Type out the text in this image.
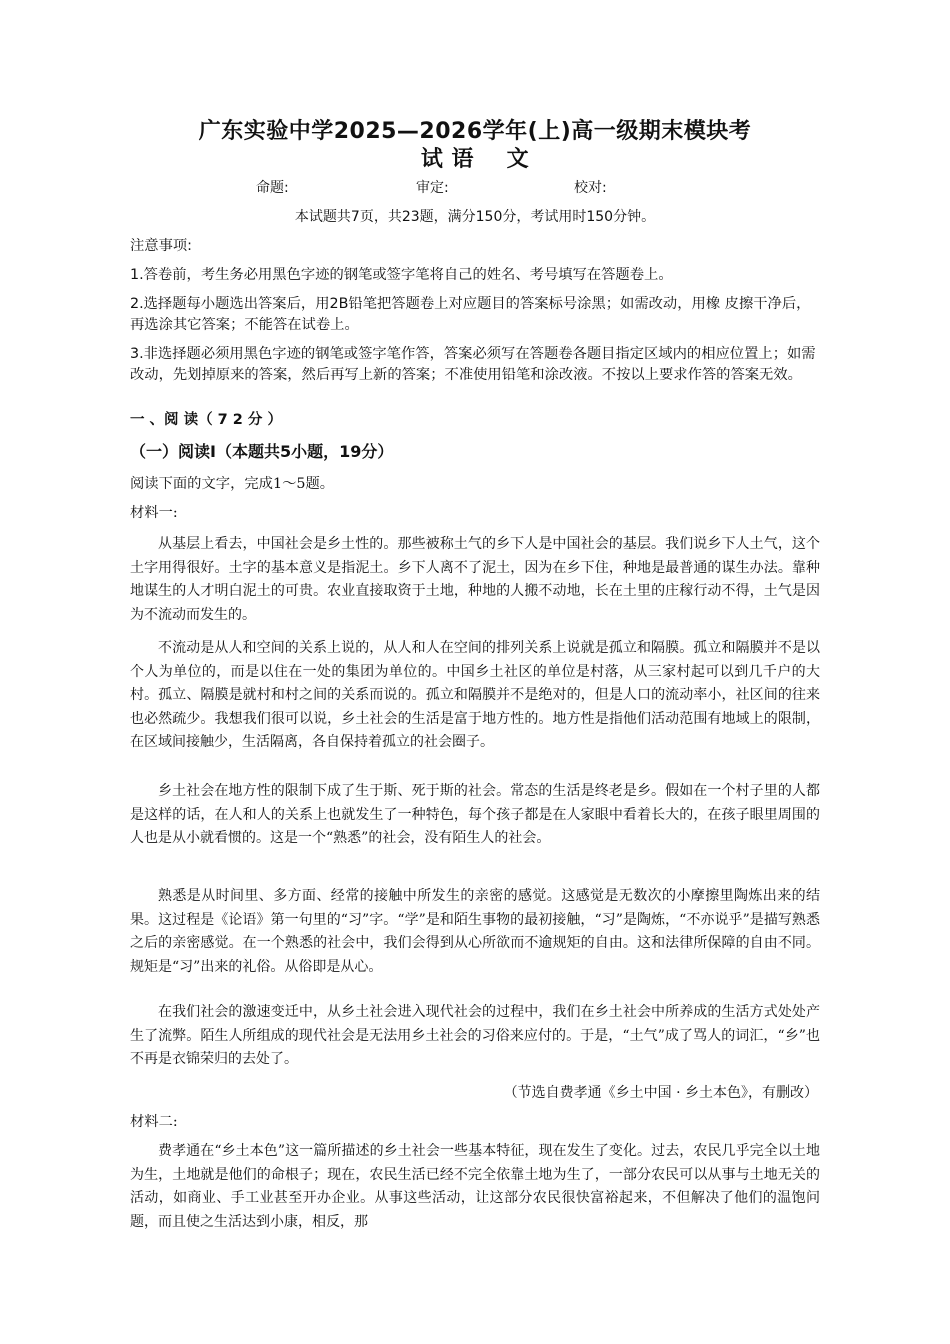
广东实验中学2025—2026学年(上)高一级期末模块考
试 语    文
命题:	审定:	校对:
本试题共7页，共23题，满分150分，考试用时150分钟。
注意事项:
1.答卷前，考生务必用黑色字迹的钢笔或签字笔将自己的姓名、考号填写在答题卷上。
2.选择题每小题选出答案后，用2B铅笔把答题卷上对应题目的答案标号涂黑；如需改动，用橡 皮擦干净后，再选涂其它答案；不能答在试卷上。
3.非选择题必须用黑色字迹的钢笔或签字笔作答，答案必须写在答题卷各题目指定区域内的相应位置上；如需改动，先划掉原来的答案，然后再写上新的答案；不准使用铅笔和涂改液。不按以上要求作答的答案无效。
一 、阅 读（ 7 2 分 ）
（一）阅读Ⅰ（本题共5小题，19分）
阅读下面的文字，完成1～5题。
材料一:
从基层上看去，中国社会是乡土性的。那些被称土气的乡下人是中国社会的基层。我们说乡下人土气，这个土字用得很好。土字的基本意义是指泥土。乡下人离不了泥土，因为在乡下住，种地是最普通的谋生办法。靠种地谋生的人才明白泥土的可贵。农业直接取资于土地，种地的人搬不动地，长在土里的庄稼行动不得，土气是因为不流动而发生的。
不流动是从人和空间的关系上说的，从人和人在空间的排列关系上说就是孤立和隔膜。孤立和隔膜并不是以个人为单位的，而是以住在一处的集团为单位的。中国乡土社区的单位是村落，从三家村起可以到几千户的大村。孤立、隔膜是就村和村之间的关系而说的。孤立和隔膜并不是绝对的，但是人口的流动率小，社区间的往来也必然疏少。我想我们很可以说，乡土社会的生活是富于地方性的。地方性是指他们活动范围有地域上的限制，在区域间接触少，生活隔离，各自保持着孤立的社会圈子。
乡土社会在地方性的限制下成了生于斯、死于斯的社会。常态的生活是终老是乡。假如在一个村子里的人都是这样的话，在人和人的关系上也就发生了一种特色，每个孩子都是在人家眼中看着长大的，在孩子眼里周围的人也是从小就看惯的。这是一个“熟悉”的社会，没有陌生人的社会。
熟悉是从时间里、多方面、经常的接触中所发生的亲密的感觉。这感觉是无数次的小摩擦里陶炼出来的结果。这过程是《论语》第一句里的“习”字。“学”是和陌生事物的最初接触，“习”是陶炼，“不亦说乎”是描写熟悉之后的亲密感觉。在一个熟悉的社会中，我们会得到从心所欲而不逾规矩的自由。这和法律所保障的自由不同。规矩是“习”出来的礼俗。从俗即是从心。
在我们社会的激速变迁中，从乡土社会进入现代社会的过程中，我们在乡土社会中所养成的生活方式处处产生了流弊。陌生人所组成的现代社会是无法用乡土社会的习俗来应付的。于是，“土气”成了骂人的词汇，“乡”也不再是衣锦荣归的去处了。
（节选自费孝通《乡土中国 · 乡土本色》，有删改）
材料二:
费孝通在“乡土本色”这一篇所描述的乡土社会一些基本特征，现在发生了变化。过去，农民几乎完全以土地为生，土地就是他们的命根子；现在，农民生活已经不完全依靠土地为生了，一部分农民可以从事与土地无关的活动，如商业、手工业甚至开办企业。从事这些活动，让这部分农民很快富裕起来，不但解决了他们的温饱问题，而且使之生活达到小康，相反，那
